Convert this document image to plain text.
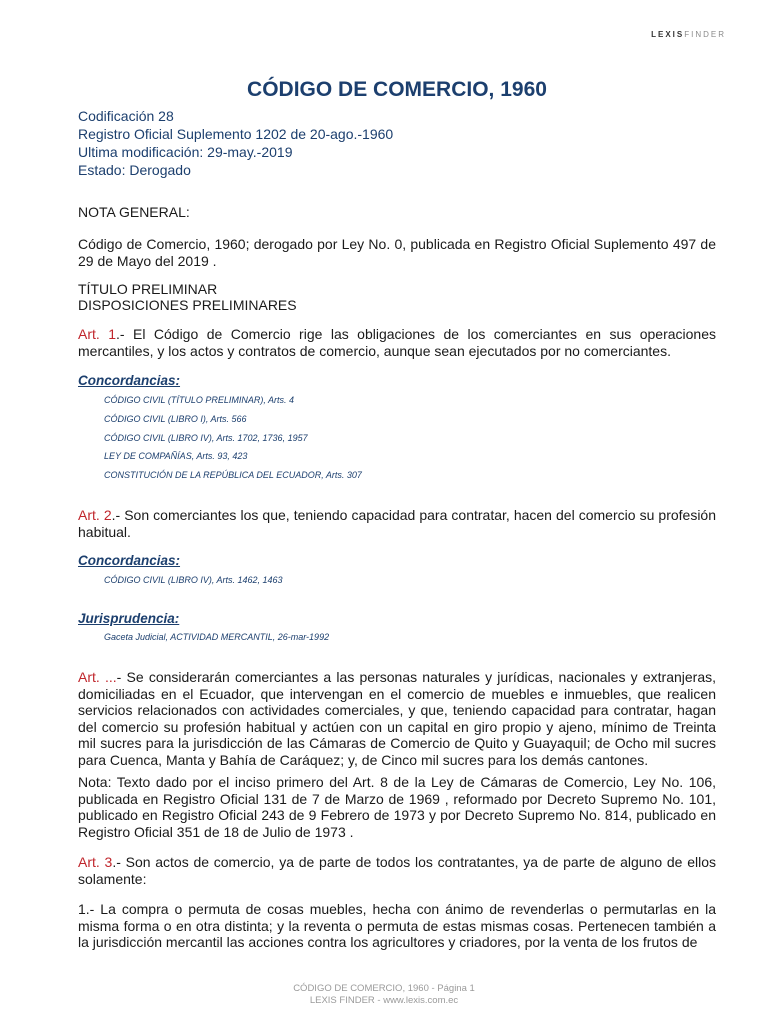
LEXISFINDER
CÓDIGO DE COMERCIO, 1960
Codificación 28
Registro Oficial Suplemento 1202 de 20-ago.-1960
Ultima modificación: 29-may.-2019
Estado: Derogado

NOTA GENERAL:

Código de Comercio, 1960; derogado por Ley No. 0, publicada en Registro Oficial Suplemento 497 de 29 de Mayo del 2019 .

TÍTULO PRELIMINAR

DISPOSICIONES PRELIMINARES

Art. 1.- El Código de Comercio rige las obligaciones de los comerciantes en sus operaciones mercantiles, y los actos y contratos de comercio, aunque sean ejecutados por no comerciantes.

Concordancias:
CÓDIGO CIVIL (TÍTULO PRELIMINAR), Arts. 4
CÓDIGO CIVIL (LIBRO I), Arts. 566
CÓDIGO CIVIL (LIBRO IV), Arts. 1702, 1736, 1957
LEY DE COMPAÑÍAS, Arts. 93, 423
CONSTITUCIÓN DE LA REPÚBLICA DEL ECUADOR, Arts. 307

Art. 2.- Son comerciantes los que, teniendo capacidad para contratar, hacen del comercio su profesión habitual.

Concordancias:
CÓDIGO CIVIL (LIBRO IV), Arts. 1462, 1463
Jurisprudencia:
Gaceta Judicial, ACTIVIDAD MERCANTIL, 26-mar-1992

Art. ...- Se considerarán comerciantes a las personas naturales y jurídicas, nacionales y extranjeras, domiciliadas en el Ecuador, que intervengan en el comercio de muebles e inmuebles, que realicen servicios relacionados con actividades comerciales, y que, teniendo capacidad para contratar, hagan del comercio su profesión habitual y actúen con un capital en giro propio y ajeno, mínimo de Treinta mil sucres para la jurisdicción de las Cámaras de Comercio de Quito y Guayaquil; de Ocho mil sucres para Cuenca, Manta y Bahía de Caráquez; y, de Cinco mil sucres para los demás cantones.

Nota: Texto dado por el inciso primero del Art. 8 de la Ley de Cámaras de Comercio, Ley No. 106, publicada en Registro Oficial 131 de 7 de Marzo de 1969 , reformado por Decreto Supremo No. 101, publicado en Registro Oficial 243 de 9 Febrero de 1973 y por Decreto Supremo No. 814, publicado en Registro Oficial 351 de 18 de Julio de 1973 .

Art. 3.- Son actos de comercio, ya de parte de todos los contratantes, ya de parte de alguno de ellos solamente:

1.- La compra o permuta de cosas muebles, hecha con ánimo de revenderlas o permutarlas en la misma forma o en otra distinta; y la reventa o permuta de estas mismas cosas. Pertenecen también a la jurisdicción mercantil las acciones contra los agricultores y criadores, por la venta de los frutos de

CÓDIGO DE COMERCIO, 1960 - Página 1
LEXIS FINDER - www.lexis.com.ec
